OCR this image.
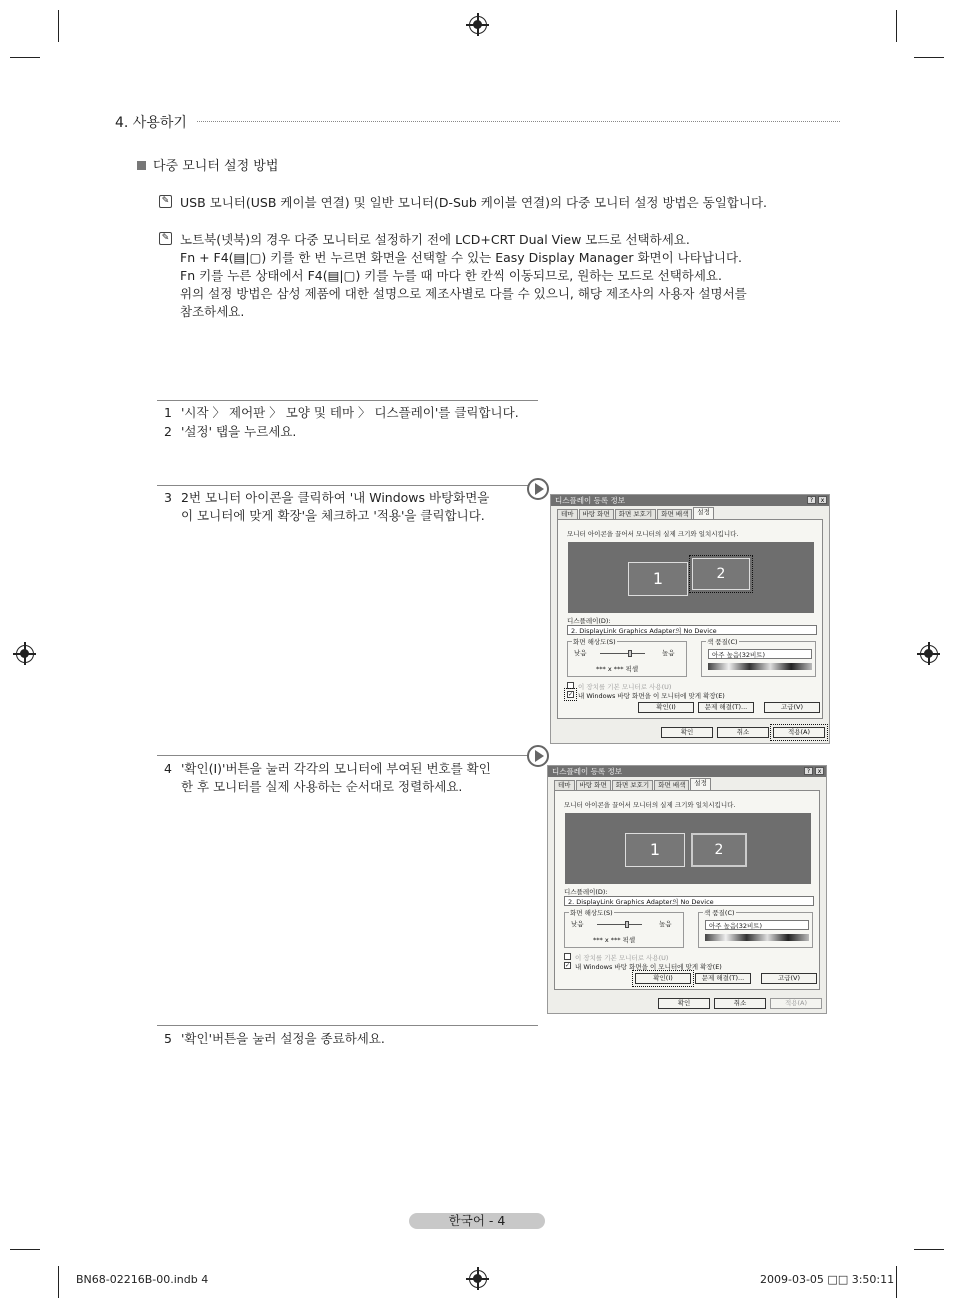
4. 사용하기
다중 모니터 설정 방법
✎ USB 모니터(USB 케이블 연결) 및 일반 모니터(D-Sub 케이블 연결)의 다중 모니터 설정 방법은 동일합니다.
✎ 노트북(넷북)의 경우 다중 모니터로 설정하기 전에 LCD+CRT Dual View 모드로 선택하세요.
Fn + F4(▤|▢) 키를 한 번 누르면 화면을 선택할 수 있는 Easy Display Manager 화면이 나타납니다.
Fn 키를 누른 상태에서 F4(▤|▢) 키를 누를 때 마다 한 칸씩 이동되므로, 원하는 모드로 선택하세요.
위의 설정 방법은 삼성 제품에 대한 설명으로 제조사별로 다를 수 있으니, 해당 제조사의 사용자 설명서를
참조하세요.
1 '시작 〉 제어판 〉 모양 및 테마 〉 디스플레이'를 클릭합니다.
2 '설정' 탭을 누르세요.
3 2번 모니터 아이콘을 클릭하여 '내 Windows 바탕화면을
이 모니터에 맞게 확장'을 체크하고 '적용'을 클릭합니다.
디스플레이 등록 정보	?	x
테마	바탕 화면	화면 보호기	화면 배색	설정
모니터 아이콘을 끌어서 모니터의 실제 크기와 일치시킵니다.
1	2
디스플레이(D):
2. DisplayLink Graphics Adapter의 No Device
화면 해상도(S)
낮음	높음
*** x *** 픽셀
색 품질(C)
아주 높음(32비트)
이 장치를 기본 모니터로 사용(U)
✓ 내 Windows 바탕 화면을 이 모니터에 맞게 확장(E)
확인(I)	문제 해결(T)...	고급(V)
확인	취소	적용(A)
4 '확인(I)'버튼을 눌러 각각의 모니터에 부여된 번호를 확인
한 후 모니터를 실제 사용하는 순서대로 정렬하세요.
디스플레이 등록 정보	?	x
테마	바탕 화면	화면 보호기	화면 배색	설정
모니터 아이콘을 끌어서 모니터의 실제 크기와 일치시킵니다.
1	2
디스플레이(D):
2. DisplayLink Graphics Adapter의 No Device
화면 해상도(S)
낮음	높음
*** x *** 픽셀
색 품질(C)
아주 높음(32비트)
이 장치를 기본 모니터로 사용(U)
✓ 내 Windows 바탕 화면을 이 모니터에 맞게 확장(E)
확인(I)	문제 해결(T)...	고급(V)
확인	취소	적용(A)
5 '확인'버튼을 눌러 설정을 종료하세요.
한국어 - 4
BN68-02216B-00.indb 4	2009-03-05 □□ 3:50:11
